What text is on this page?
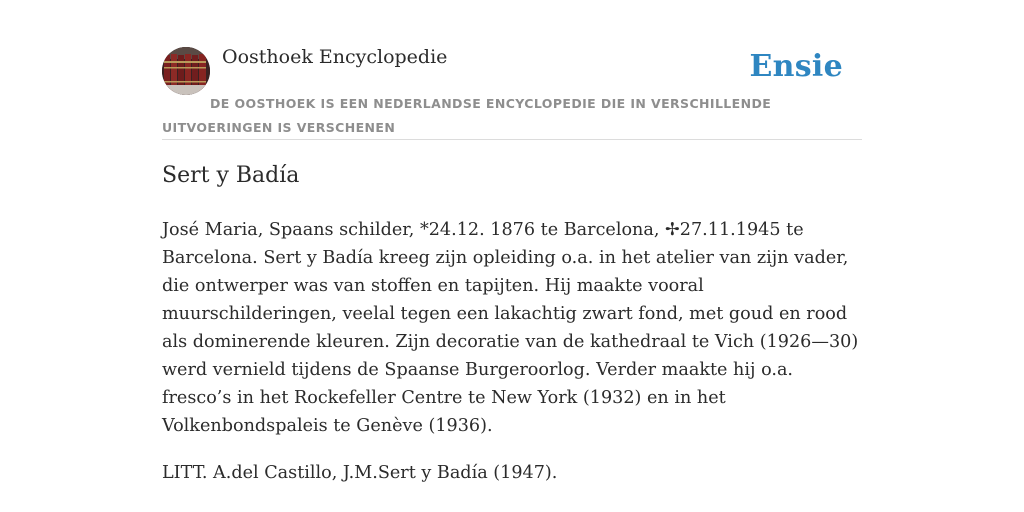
Oosthoek Encyclopedie	Ensie
DE OOSTHOEK IS EEN NEDERLANDSE ENCYCLOPEDIE DIE IN VERSCHILLENDE UITVOERINGEN IS VERSCHENEN
Sert y Badía

José Maria, Spaans schilder, *24.12. 1876 te Barcelona, ✢27.11.1945 te Barcelona. Sert y Badía kreeg zijn opleiding o.a. in het atelier van zijn vader, die ontwerper was van stoffen en tapijten. Hij maakte vooral muurschilderingen, veelal tegen een lakachtig zwart fond, met goud en rood als dominerende kleuren. Zijn decoratie van de kathedraal te Vich (1926—30) werd vernield tijdens de Spaanse Burgeroorlog. Verder maakte hij o.a. fresco’s in het Rockefeller Centre te New York (1932) en in het Volkenbondspaleis te Genève (1936).

LITT. A.del Castillo, J.M.Sert y Badía (1947).
